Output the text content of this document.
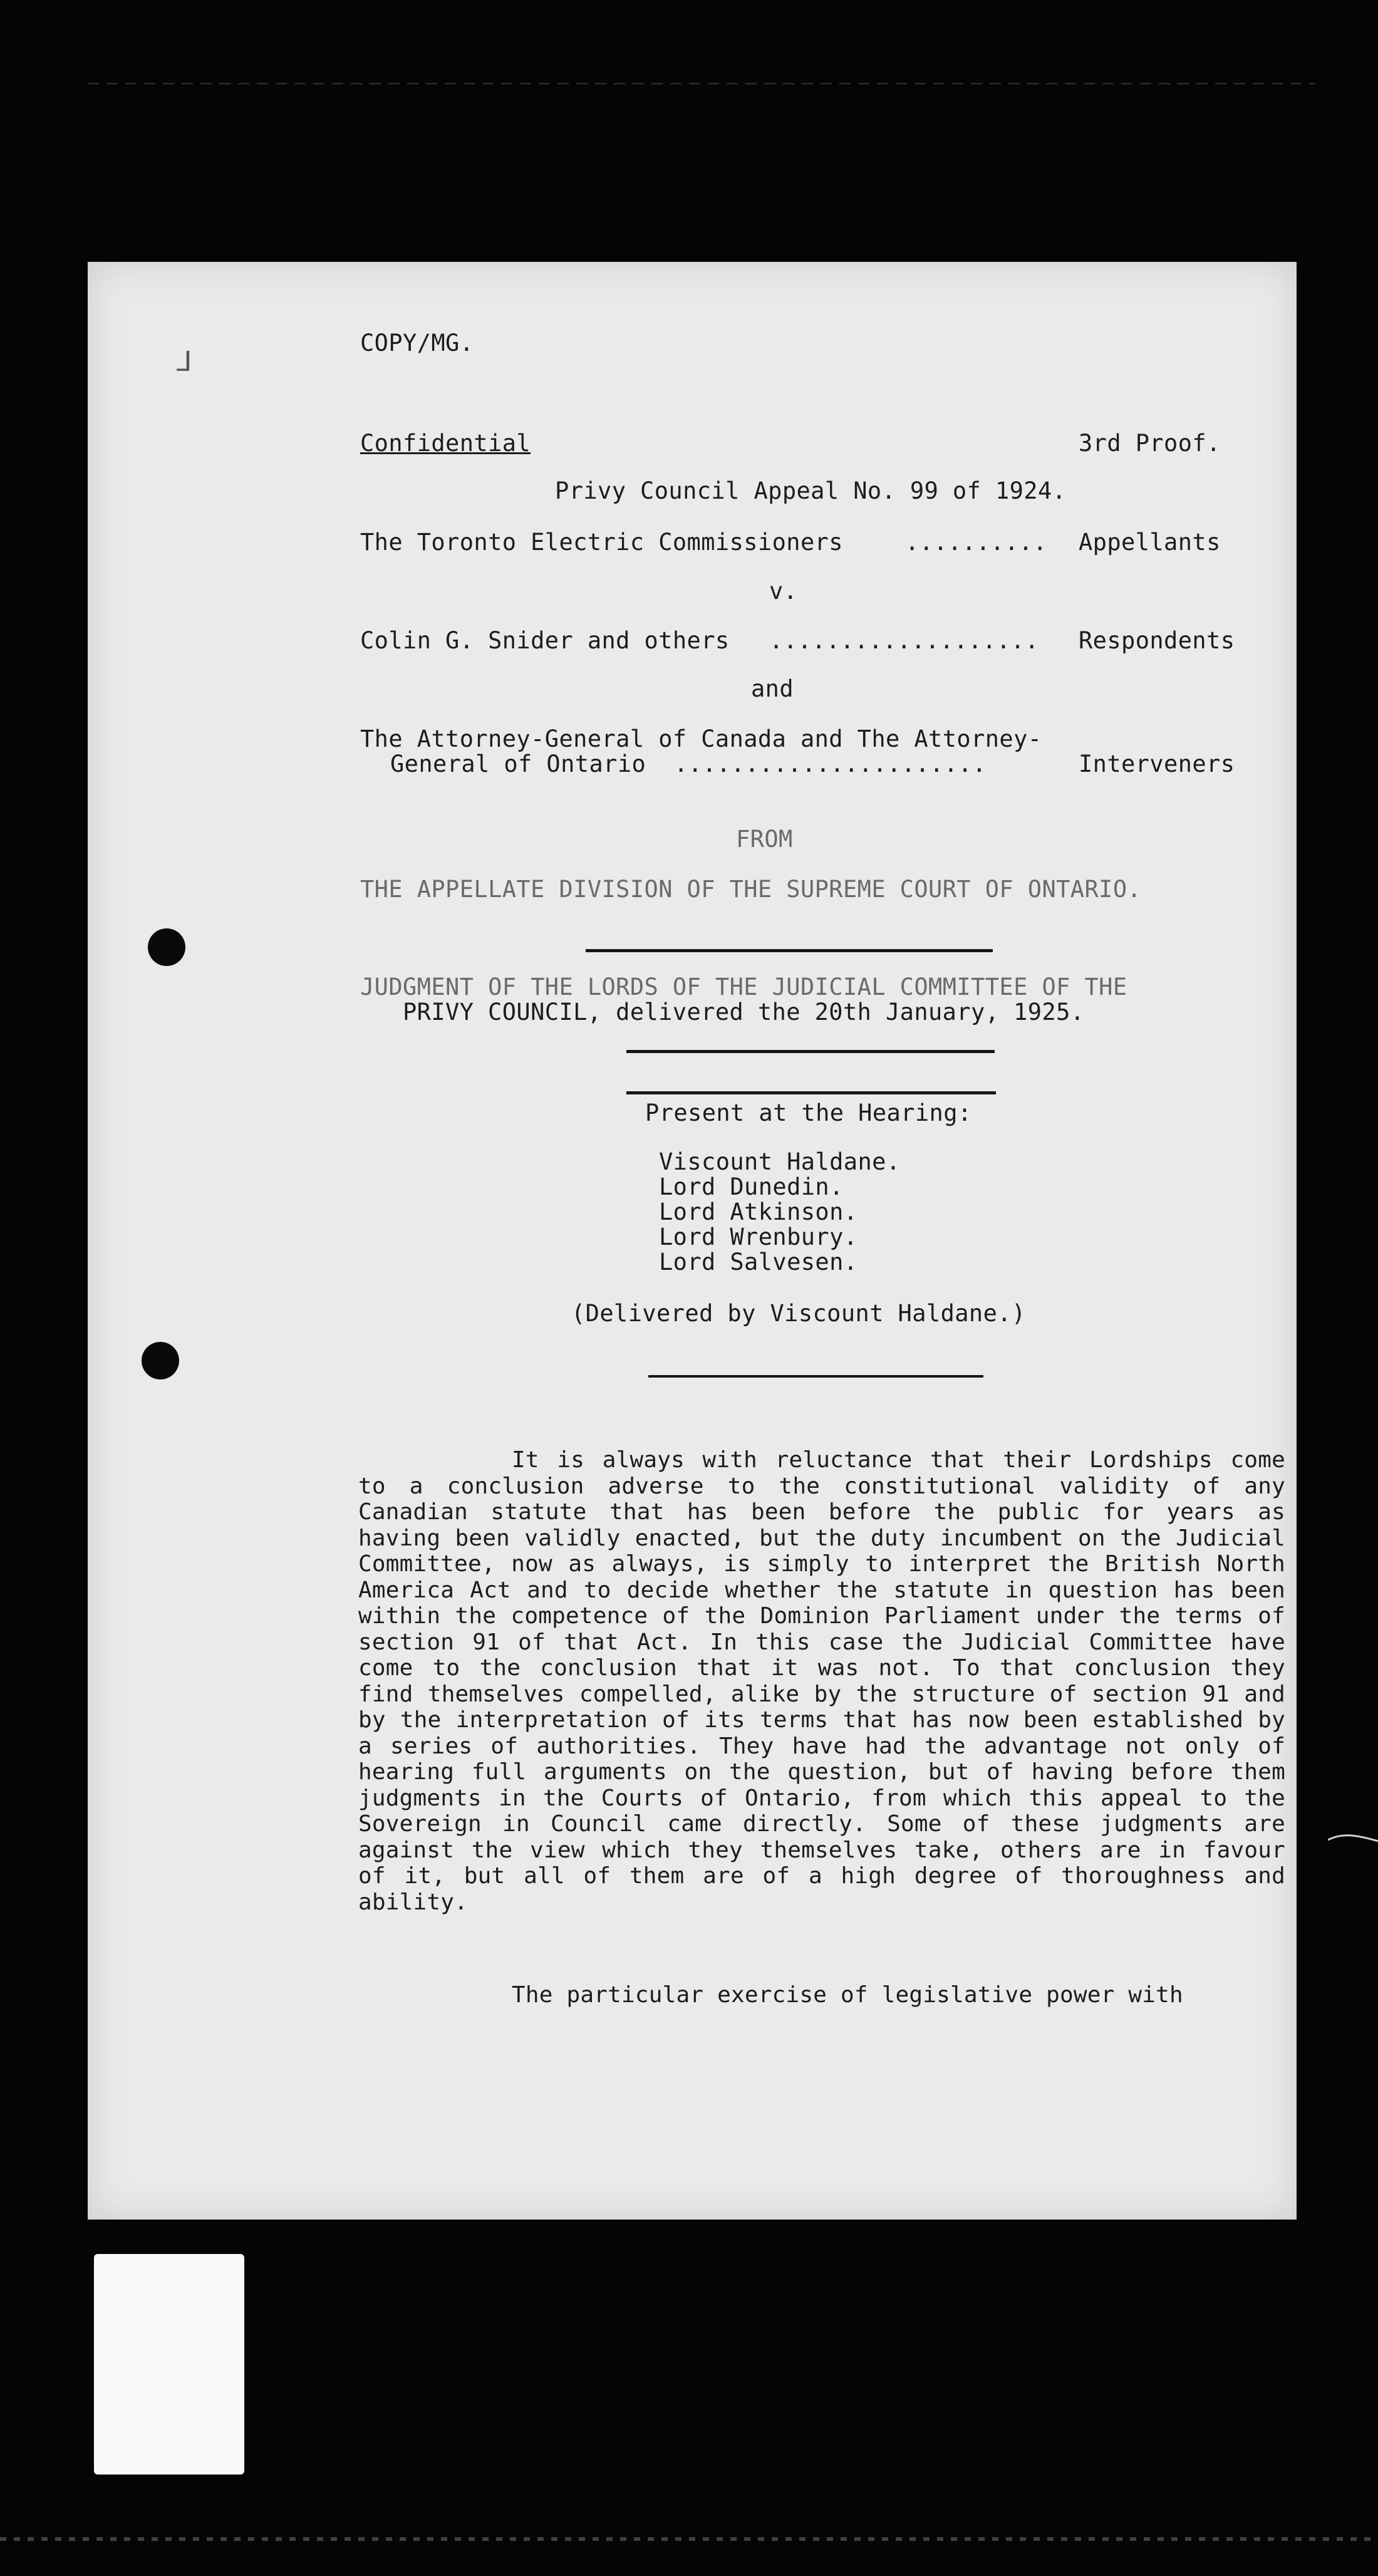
⅃

COPY/MG.

Confidential	3rd Proof.

Privy Council Appeal No. 99 of 1924.

The Toronto Electric Commissioners	.......... Appellants

v.

Colin G. Snider and others ................... Respondents

and

The Attorney-General of Canada and The Attorney-

General of Ontario ......................	Interveners

FROM

THE APPELLATE DIVISION OF THE SUPREME COURT OF ONTARIO.

JUDGMENT OF THE LORDS OF THE JUDICIAL COMMITTEE OF THE

PRIVY COUNCIL, delivered the 20th January, 1925.

Present at the Hearing:

Viscount Haldane.

Lord Dunedin.

Lord Atkinson.

Lord Wrenbury.

Lord Salvesen.

(Delivered by Viscount Haldane.)

It is always with reluctance that their Lordships come to a conclusion adverse to the constitutional validity of any Canadian statute that has been before the public for years as having been validly enacted, but the duty incumbent on the Judicial Committee, now as always, is simply to interpret the British North America Act and to decide whether the statute in question has been within the competence of the Dominion Parliament under the terms of section 91 of that Act. In this case the Judicial Committee have come to the conclusion that it was not. To that conclusion they find themselves compelled, alike by the structure of section 91 and by the interpretation of its terms that has now been established by a series of authorities. They have had the advantage not only of hearing full arguments on the question, but of having before them judgments in the Courts of Ontario, from which this appeal to the Sovereign in Council came directly. Some of these judgments are against the view which they themselves take, others are in favour of it, but all of them are of a high degree of thoroughness and ability.

The particular exercise of legislative power with
